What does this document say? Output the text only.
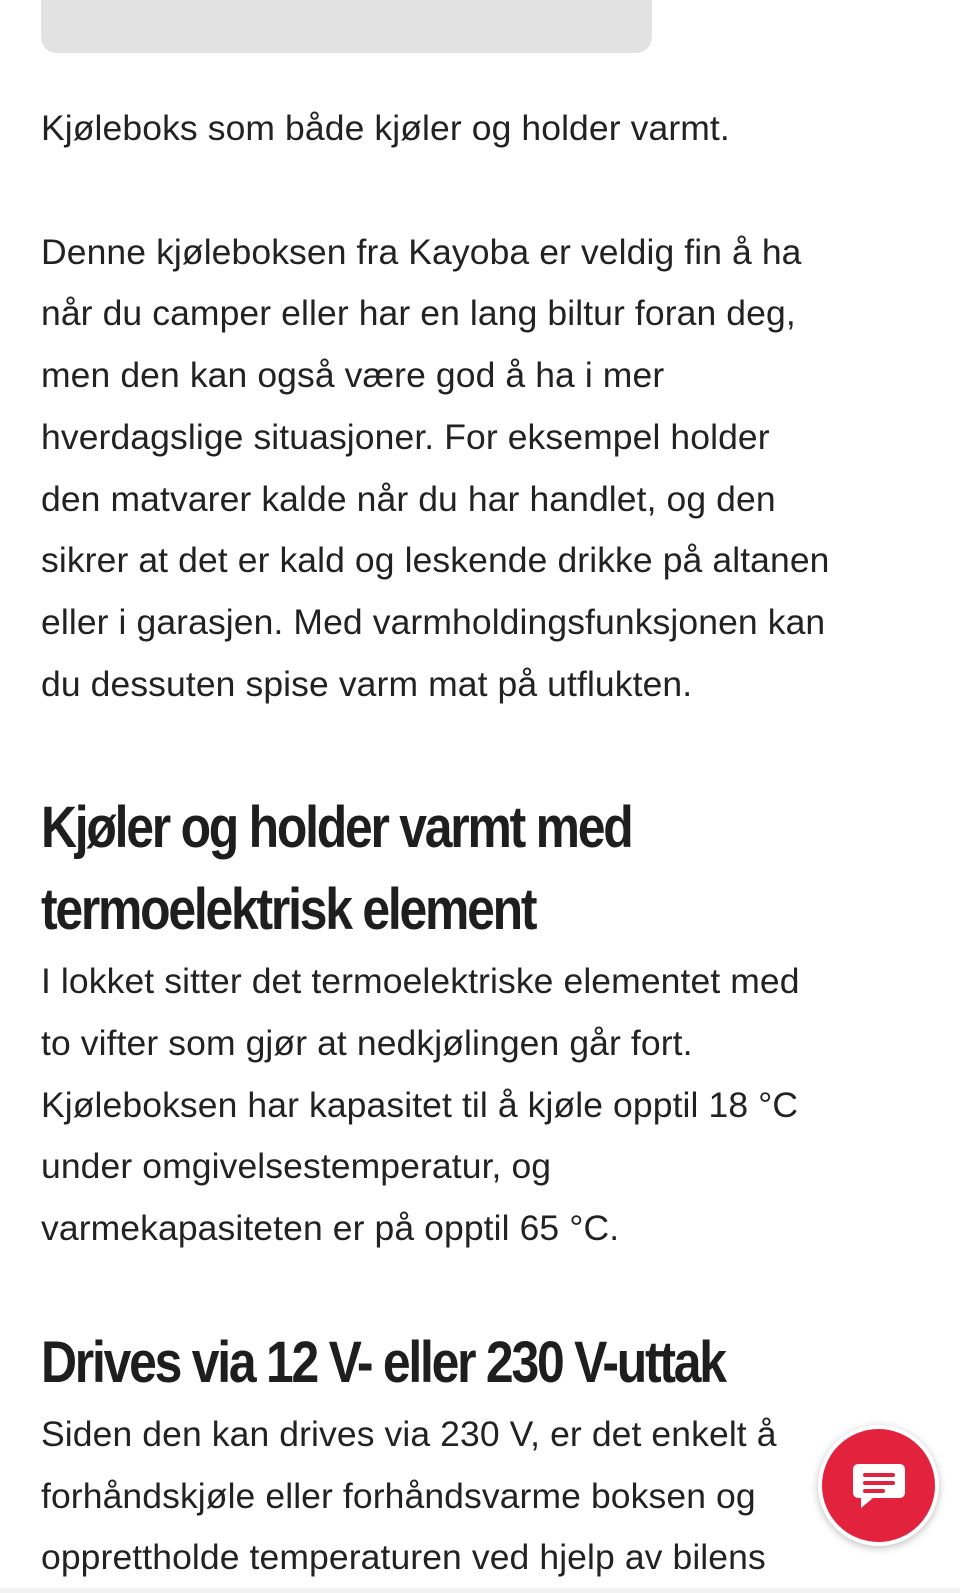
Kjøleboks som både kjøler og holder varmt.

Denne kjøleboksen fra Kayoba er veldig fin å ha

når du camper eller har en lang biltur foran deg,

men den kan også være god å ha i mer

hverdagslige situasjoner. For eksempel holder

den matvarer kalde når du har handlet, og den

sikrer at det er kald og leskende drikke på altanen

eller i garasjen. Med varmholdingsfunksjonen kan

du dessuten spise varm mat på utflukten.

Kjøler og holder varmt med
termoelektrisk element

I lokket sitter det termoelektriske elementet med

to vifter som gjør at nedkjølingen går fort.

Kjøleboksen har kapasitet til å kjøle opptil 18 °C

under omgivelsestemperatur, og

varmekapasiteten er på opptil 65 °C.

Drives via 12 V- eller 230 V-uttak

Siden den kan drives via 230 V, er det enkelt å

forhåndskjøle eller forhåndsvarme boksen og

opprettholde temperaturen ved hjelp av bilens
